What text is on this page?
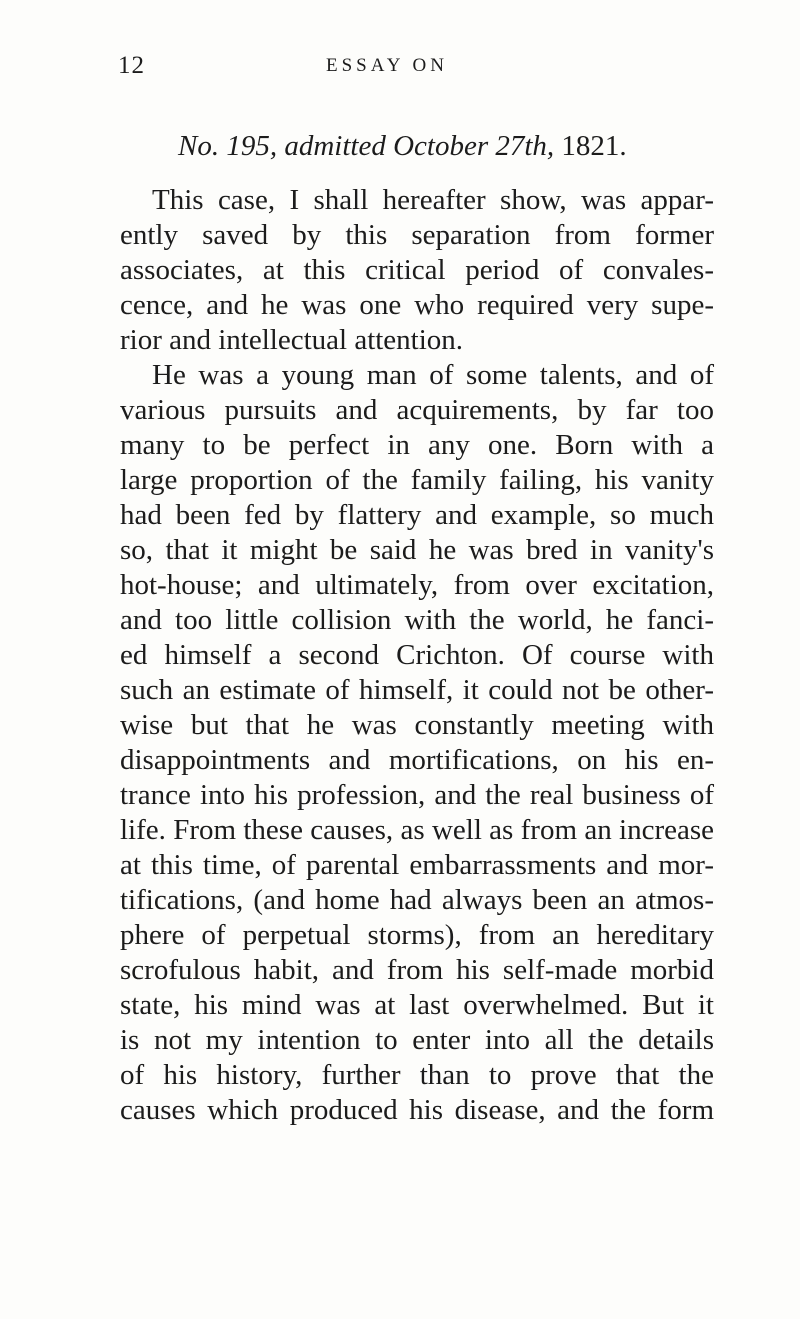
12	ESSAY ON
No. 195, admitted October 27th, 1821.
This case, I shall hereafter show, was appar-
ently saved by this separation from former
associates, at this critical period of convales-
cence, and he was one who required very supe-
rior and intellectual attention.
He was a young man of some talents, and of
various pursuits and acquirements, by far too
many to be perfect in any one. Born with a
large proportion of the family failing, his vanity
had been fed by flattery and example, so much
so, that it might be said he was bred in vanity's
hot-house; and ultimately, from over excitation,
and too little collision with the world, he fanci-
ed himself a second Crichton. Of course with
such an estimate of himself, it could not be other-
wise but that he was constantly meeting with
disappointments and mortifications, on his en-
trance into his profession, and the real business of
life. From these causes, as well as from an increase
at this time, of parental embarrassments and mor-
tifications, (and home had always been an atmos-
phere of perpetual storms), from an hereditary
scrofulous habit, and from his self-made morbid
state, his mind was at last overwhelmed. But it
is not my intention to enter into all the details
of his history, further than to prove that the
causes which produced his disease, and the form
